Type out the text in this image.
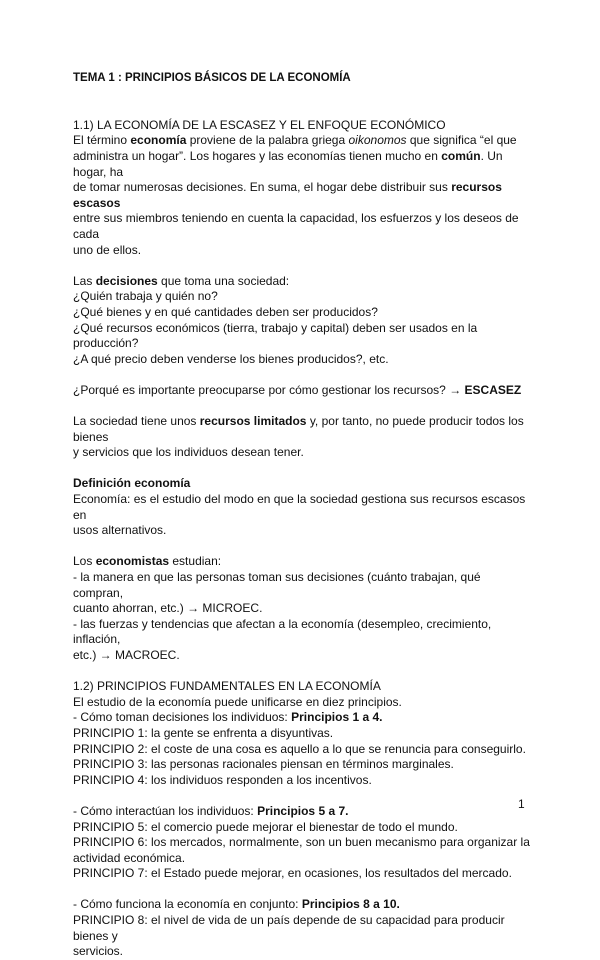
TEMA 1 : PRINCIPIOS BÁSICOS DE LA ECONOMÍA

1.1) LA ECONOMÍA DE LA ESCASEZ Y EL ENFOQUE ECONÓMICO

El término economía proviene de la palabra griega oikonomos que significa “el que

administra un hogar”. Los hogares y las economías tienen mucho en común. Un hogar, ha

de tomar numerosas decisiones. En suma, el hogar debe distribuir sus recursos escasos

entre sus miembros teniendo en cuenta la capacidad, los esfuerzos y los deseos de cada

uno de ellos.

Las decisiones que toma una sociedad:

¿Quién trabaja y quién no?

¿Qué bienes y en qué cantidades deben ser producidos?

¿Qué recursos económicos (tierra, trabajo y capital) deben ser usados en la producción?

¿A qué precio deben venderse los bienes producidos?, etc.

¿Porqué es importante preocuparse por cómo gestionar los recursos? → ESCASEZ

La sociedad tiene unos recursos limitados y, por tanto, no puede producir todos los bienes

y servicios que los individuos desean tener.

Definición economía

Economía: es el estudio del modo en que la sociedad gestiona sus recursos escasos en

usos alternativos.

Los economistas estudian:

- la manera en que las personas toman sus decisiones (cuánto trabajan, qué compran,

cuanto ahorran, etc.) → MICROEC.

- las fuerzas y tendencias que afectan a la economía (desempleo, crecimiento, inflación,

etc.) → MACROEC.

1.2) PRINCIPIOS FUNDAMENTALES EN LA ECONOMÍA

El estudio de la economía puede unificarse en diez principios.

- Cómo toman decisiones los individuos: Principios 1 a 4.

PRINCIPIO 1: la gente se enfrenta a disyuntivas.

PRINCIPIO 2: el coste de una cosa es aquello a lo que se renuncia para conseguirlo.

PRINCIPIO 3: las personas racionales piensan en términos marginales.

PRINCIPIO 4: los individuos responden a los incentivos.

- Cómo interactúan los individuos: Principios 5 a 7.

PRINCIPIO 5: el comercio puede mejorar el bienestar de todo el mundo.

PRINCIPIO 6: los mercados, normalmente, son un buen mecanismo para organizar la

actividad económica.

PRINCIPIO 7: el Estado puede mejorar, en ocasiones, los resultados del mercado.

- Cómo funciona la economía en conjunto: Principios 8 a 10.

PRINCIPIO 8: el nivel de vida de un país depende de su capacidad para producir bienes y

servicios.

1
